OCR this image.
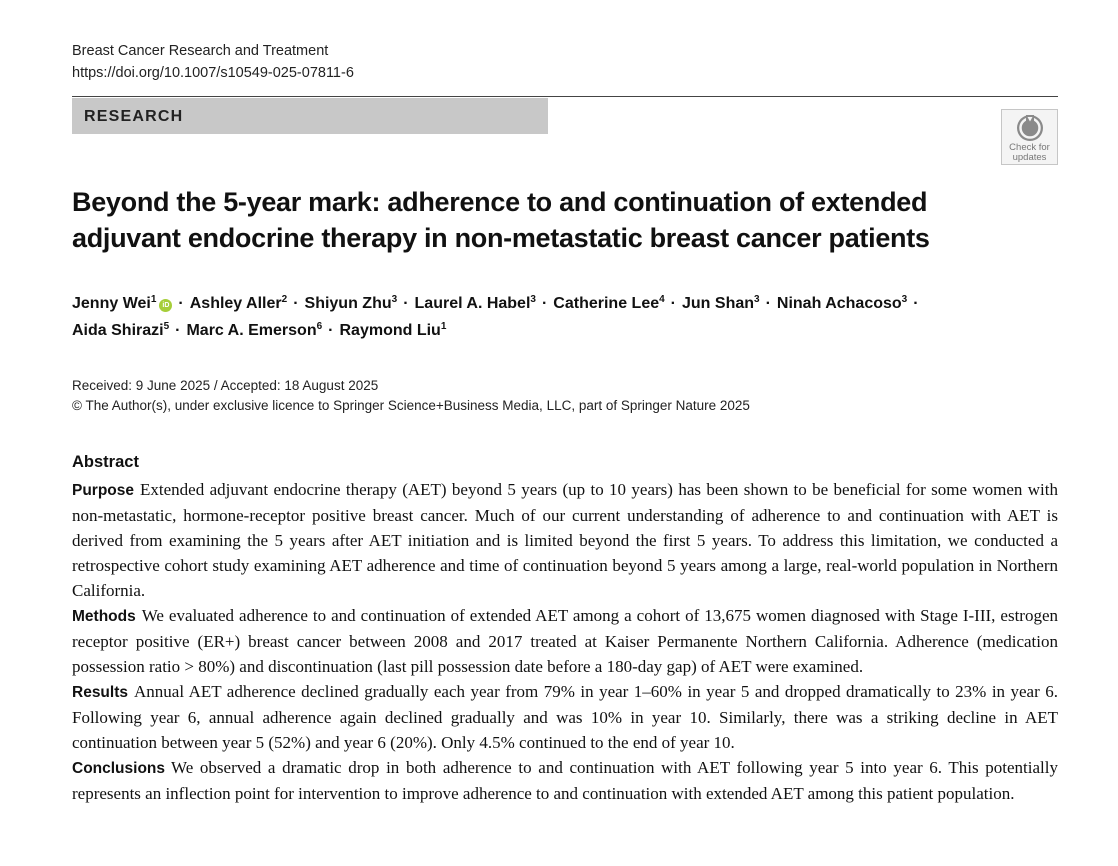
Breast Cancer Research and Treatment
https://doi.org/10.1007/s10549-025-07811-6
RESEARCH
Check for
updates
Beyond the 5-year mark: adherence to and continuation of extended
adjuvant endocrine therapy in non-metastatic breast cancer patients
Jenny Wei$^1$iD · Ashley Aller$^2$ · Shiyun Zhu$^3$ · Laurel A. Habel$^3$ · Catherine Lee$^4$ · Jun Shan$^3$ · Ninah Achacoso$^3$ ·
Aida Shirazi$^5$ · Marc A. Emerson$^6$ · Raymond Liu$^1$
Received: 9 June 2025 / Accepted: 18 August 2025
© The Author(s), under exclusive licence to Springer Science+Business Media, LLC, part of Springer Nature 2025
Abstract

Purpose Extended adjuvant endocrine therapy (AET) beyond 5 years (up to 10 years) has been shown to be beneficial for some women with non-metastatic, hormone-receptor positive breast cancer. Much of our current understanding of adherence to and continuation with AET is derived from examining the 5 years after AET initiation and is limited beyond the first 5 years. To address this limitation, we conducted a retrospective cohort study examining AET adherence and time of continuation beyond 5 years among a large, real-world population in Northern California.

Methods We evaluated adherence to and continuation of extended AET among a cohort of 13,675 women diagnosed with Stage I-III, estrogen receptor positive (ER+) breast cancer between 2008 and 2017 treated at Kaiser Permanente Northern California. Adherence (medication possession ratio > 80%) and discontinuation (last pill possession date before a 180-day gap) of AET were examined.

Results Annual AET adherence declined gradually each year from 79% in year 1–60% in year 5 and dropped dramatically to 23% in year 6. Following year 6, annual adherence again declined gradually and was 10% in year 10. Similarly, there was a striking decline in AET continuation between year 5 (52%) and year 6 (20%). Only 4.5% continued to the end of year 10.

Conclusions We observed a dramatic drop in both adherence to and continuation with AET following year 5 into year 6. This potentially represents an inflection point for intervention to improve adherence to and continuation with extended AET among this patient population.
